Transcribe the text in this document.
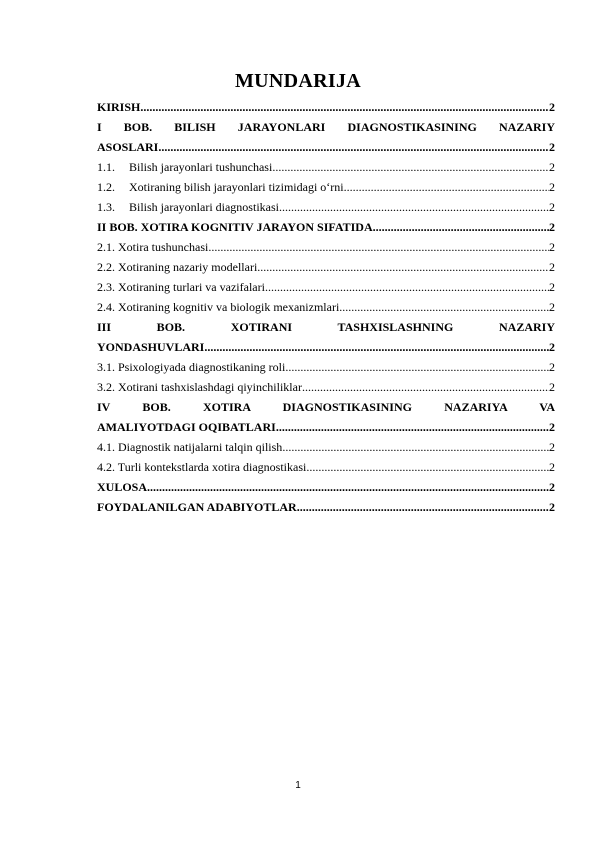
MUNDARIJA
KIRISH .....	2
I BOB. BILISH JARAYONLARI DIAGNOSTIKASINING NAZARIY
ASOSLARI .....	2
1.1. Bilish jarayonlari tushunchasi .....	2
1.2. Xotiraning bilish jarayonlari tizimidagi o‘rni .....	2
1.3. Bilish jarayonlari diagnostikasi .....	2
II BOB. XOTIRA KOGNITIV JARAYON SIFATIDA .....	2
2.1. Xotira tushunchasi .....	2
2.2. Xotiraning nazariy modellari .....	2
2.3. Xotiraning turlari va vazifalari .....	2
2.4. Xotiraning kognitiv va biologik mexanizmlari .....	2
III BOB. XOTIRANI TASHXISLASHNING NAZARIY
YONDASHUVLARI .....	2
3.1. Psixologiyada diagnostikaning roli .....	2
3.2. Xotirani tashxislashdagi qiyinchiliklar .....	2
IV BOB. XOTIRA DIAGNOSTIKASINING NAZARIYA VA
AMALIYOTDAGI OQIBATLARI .....	2
4.1. Diagnostik natijalarni talqin qilish .....	2
4.2. Turli kontekstlarda xotira diagnostikasi .....	2
XULOSA .....	2
FOYDALANILGAN ADABIYOTLAR .....	2
1
